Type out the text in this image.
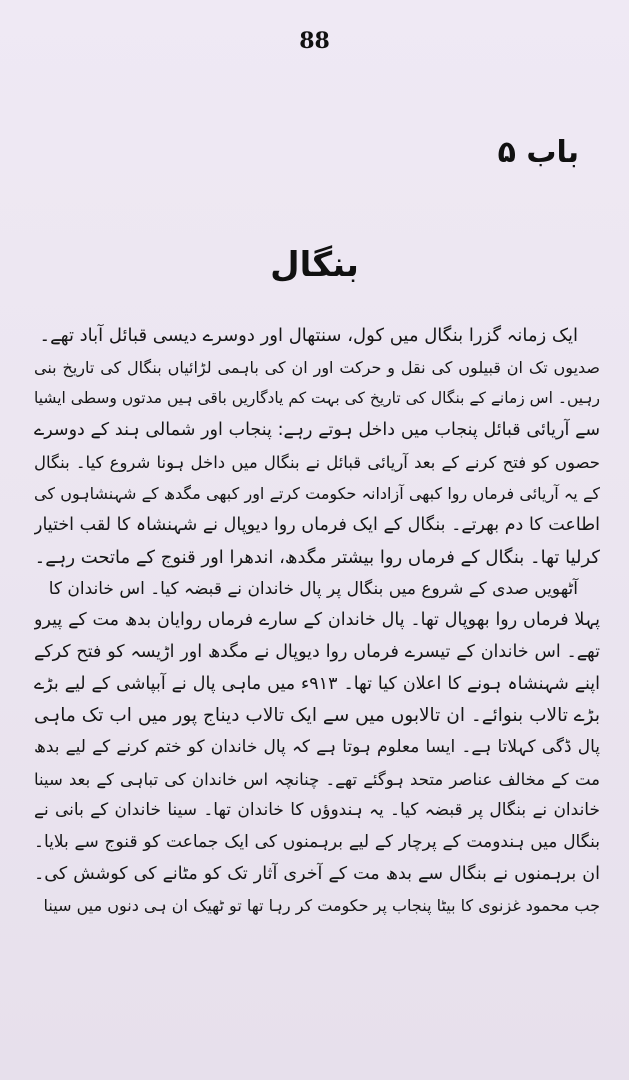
88
باب ۵
بنگال
ایک زمانہ گزرا بنگال میں کول، سنتھال اور دوسرے دیسی قبائل آباد تھے۔
صدیوں تک ان قبیلوں کی نقل و حرکت اور ان کی باہمی لڑائیاں بنگال کی تاریخ بنی
رہیں۔ اس زمانے کے بنگال کی تاریخ کی بہت کم یادگاریں باقی ہیں مدتوں وسطی ایشیا
سے آریائی قبائل پنجاب میں داخل ہوتے رہے: پنجاب اور شمالی ہند کے دوسرے
حصوں کو فتح کرنے کے بعد آریائی قبائل نے بنگال میں داخل ہونا شروع کیا۔ بنگال
کے یہ آریائی فرماں روا کبھی آزادانہ حکومت کرتے اور کبھی مگدھ کے شہنشاہوں کی
اطاعت کا دم بھرتے۔ بنگال کے ایک فرماں روا دیوپال نے شہنشاہ کا لقب اختیار
کرلیا تھا۔ بنگال کے فرماں روا بیشتر مگدھ، اندھرا اور قنوج کے ماتحت رہے۔
آٹھویں صدی کے شروع میں بنگال پر پال خاندان نے قبضہ کیا۔ اس خاندان کا
پہلا فرماں روا بھوپال تھا۔ پال خاندان کے سارے فرماں روایان بدھ مت کے پیرو
تھے۔ اس خاندان کے تیسرے فرماں روا دیوپال نے مگدھ اور اڑیسہ کو فتح کرکے
اپنے شہنشاہ ہونے کا اعلان کیا تھا۔ ۹۱۳ء میں ماہی پال نے آبپاشی کے لیے بڑے
بڑے تالاب بنوائے۔ ان تالابوں میں سے ایک تالاب دیناج پور میں اب تک ماہی
پال ڈگی کہلاتا ہے۔ ایسا معلوم ہوتا ہے کہ پال خاندان کو ختم کرنے کے لیے بدھ
مت کے مخالف عناصر متحد ہوگئے تھے۔ چنانچہ اس خاندان کی تباہی کے بعد سینا
خاندان نے بنگال پر قبضہ کیا۔ یہ ہندوؤں کا خاندان تھا۔ سینا خاندان کے بانی نے
بنگال میں ہندومت کے پرچار کے لیے برہمنوں کی ایک جماعت کو قنوج سے بلایا۔
ان برہمنوں نے بنگال سے بدھ مت کے آخری آثار تک کو مٹانے کی کوشش کی۔
جب محمود غزنوی کا بیٹا پنجاب پر حکومت کر رہا تھا تو ٹھیک ان ہی دنوں میں سینا
